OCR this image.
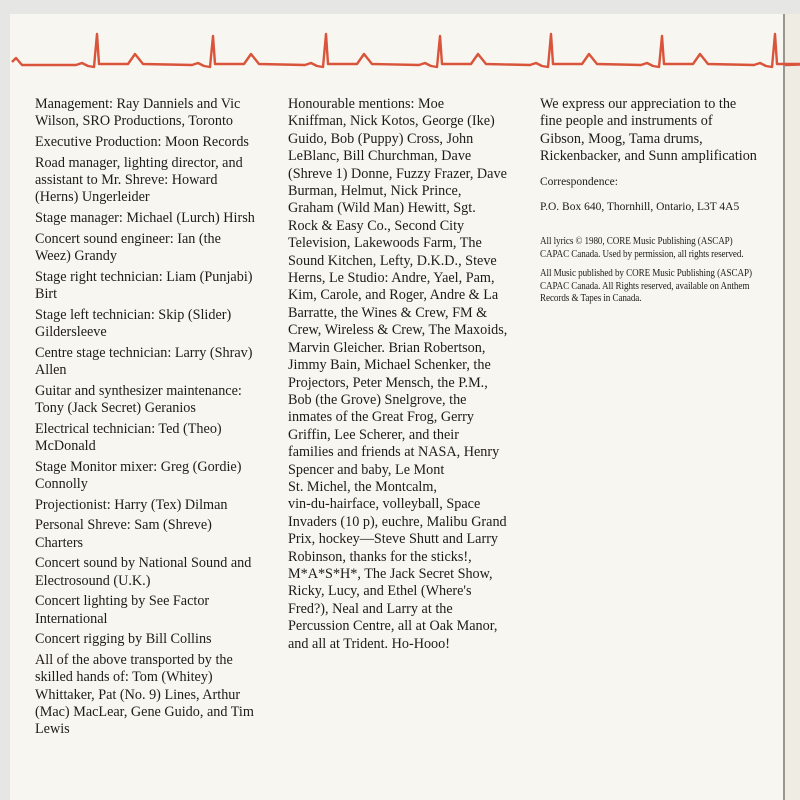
Management: Ray Danniels and Vic
Wilson, SRO Productions, Toronto
Executive Production: Moon Records
Road manager, lighting director, and
assistant to Mr. Shreve: Howard
(Herns) Ungerleider
Stage manager: Michael (Lurch) Hirsh
Concert sound engineer: Ian (the
Weez) Grandy
Stage right technician: Liam (Punjabi)
Birt
Stage left technician: Skip (Slider)
Gildersleeve
Centre stage technician: Larry (Shrav)
Allen
Guitar and synthesizer maintenance:
Tony (Jack Secret) Geranios
Electrical technician: Ted (Theo)
McDonald
Stage Monitor mixer: Greg (Gordie)
Connolly
Projectionist: Harry (Tex) Dilman
Personal Shreve: Sam (Shreve)
Charters
Concert sound by National Sound and
Electrosound (U.K.)
Concert lighting by See Factor
International
Concert rigging by Bill Collins
All of the above transported by the
skilled hands of: Tom (Whitey)
Whittaker, Pat (No. 9) Lines, Arthur
(Mac) MacLear, Gene Guido, and Tim
Lewis
Honourable mentions: Moe
Kniffman, Nick Kotos, George (Ike)
Guido, Bob (Puppy) Cross, John
LeBlanc, Bill Churchman, Dave
(Shreve 1) Donne, Fuzzy Frazer, Dave
Burman, Helmut, Nick Prince,
Graham (Wild Man) Hewitt, Sgt.
Rock & Easy Co., Second City
Television, Lakewoods Farm, The
Sound Kitchen, Lefty, D.K.D., Steve
Herns, Le Studio: Andre, Yael, Pam,
Kim, Carole, and Roger, Andre & La
Barratte, the Wines & Crew, FM &
Crew, Wireless & Crew, The Maxoids,
Marvin Gleicher. Brian Robertson,
Jimmy Bain, Michael Schenker, the
Projectors, Peter Mensch, the P.M.,
Bob (the Grove) Snelgrove, the
inmates of the Great Frog, Gerry
Griffin, Lee Scherer, and their
families and friends at NASA, Henry
Spencer and baby, Le Mont
St. Michel, the Montcalm,
vin-du-hairface, volleyball, Space
Invaders (10 p), euchre, Malibu Grand
Prix, hockey—Steve Shutt and Larry
Robinson, thanks for the sticks!,
M*A*S*H*, The Jack Secret Show,
Ricky, Lucy, and Ethel (Where's
Fred?), Neal and Larry at the
Percussion Centre, all at Oak Manor,
and all at Trident. Ho-Hooo!
We express our appreciation to the
fine people and instruments of
Gibson, Moog, Tama drums,
Rickenbacker, and Sunn amplification
Correspondence:
P.O. Box 640, Thornhill, Ontario, L3T 4A5
All lyrics © 1980, CORE Music Publishing (ASCAP)
CAPAC Canada. Used by permission, all rights reserved.
All Music published by CORE Music Publishing (ASCAP)
CAPAC Canada. All Rights reserved, available on Anthem
Records & Tapes in Canada.
